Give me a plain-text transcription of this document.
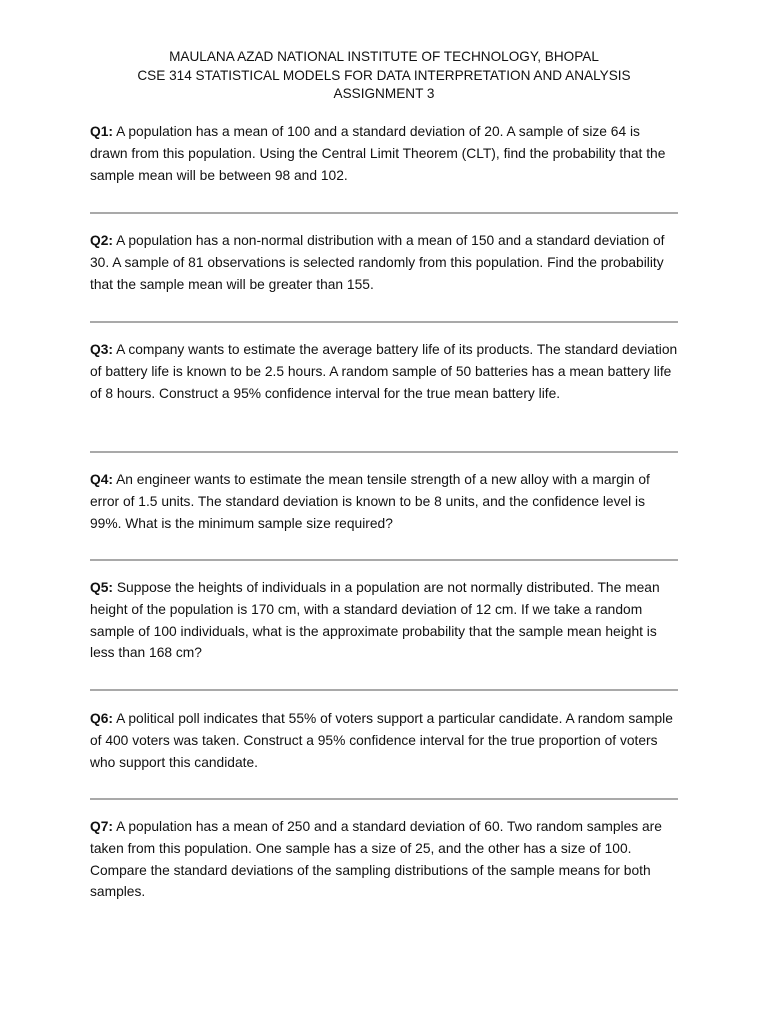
MAULANA AZAD NATIONAL INSTITUTE OF TECHNOLOGY, BHOPAL
CSE 314 STATISTICAL MODELS FOR DATA INTERPRETATION AND ANALYSIS
ASSIGNMENT 3
Q1: A population has a mean of 100 and a standard deviation of 20. A sample of size 64 is drawn from this population. Using the Central Limit Theorem (CLT), find the probability that the sample mean will be between 98 and 102.
Q2: A population has a non-normal distribution with a mean of 150 and a standard deviation of 30. A sample of 81 observations is selected randomly from this population. Find the probability that the sample mean will be greater than 155.
Q3: A company wants to estimate the average battery life of its products. The standard deviation of battery life is known to be 2.5 hours. A random sample of 50 batteries has a mean battery life of 8 hours. Construct a 95% confidence interval for the true mean battery life.
Q4: An engineer wants to estimate the mean tensile strength of a new alloy with a margin of error of 1.5 units. The standard deviation is known to be 8 units, and the confidence level is 99%. What is the minimum sample size required?
Q5: Suppose the heights of individuals in a population are not normally distributed. The mean height of the population is 170 cm, with a standard deviation of 12 cm. If we take a random sample of 100 individuals, what is the approximate probability that the sample mean height is less than 168 cm?
Q6: A political poll indicates that 55% of voters support a particular candidate. A random sample of 400 voters was taken. Construct a 95% confidence interval for the true proportion of voters who support this candidate.
Q7: A population has a mean of 250 and a standard deviation of 60. Two random samples are taken from this population. One sample has a size of 25, and the other has a size of 100. Compare the standard deviations of the sampling distributions of the sample means for both samples.
